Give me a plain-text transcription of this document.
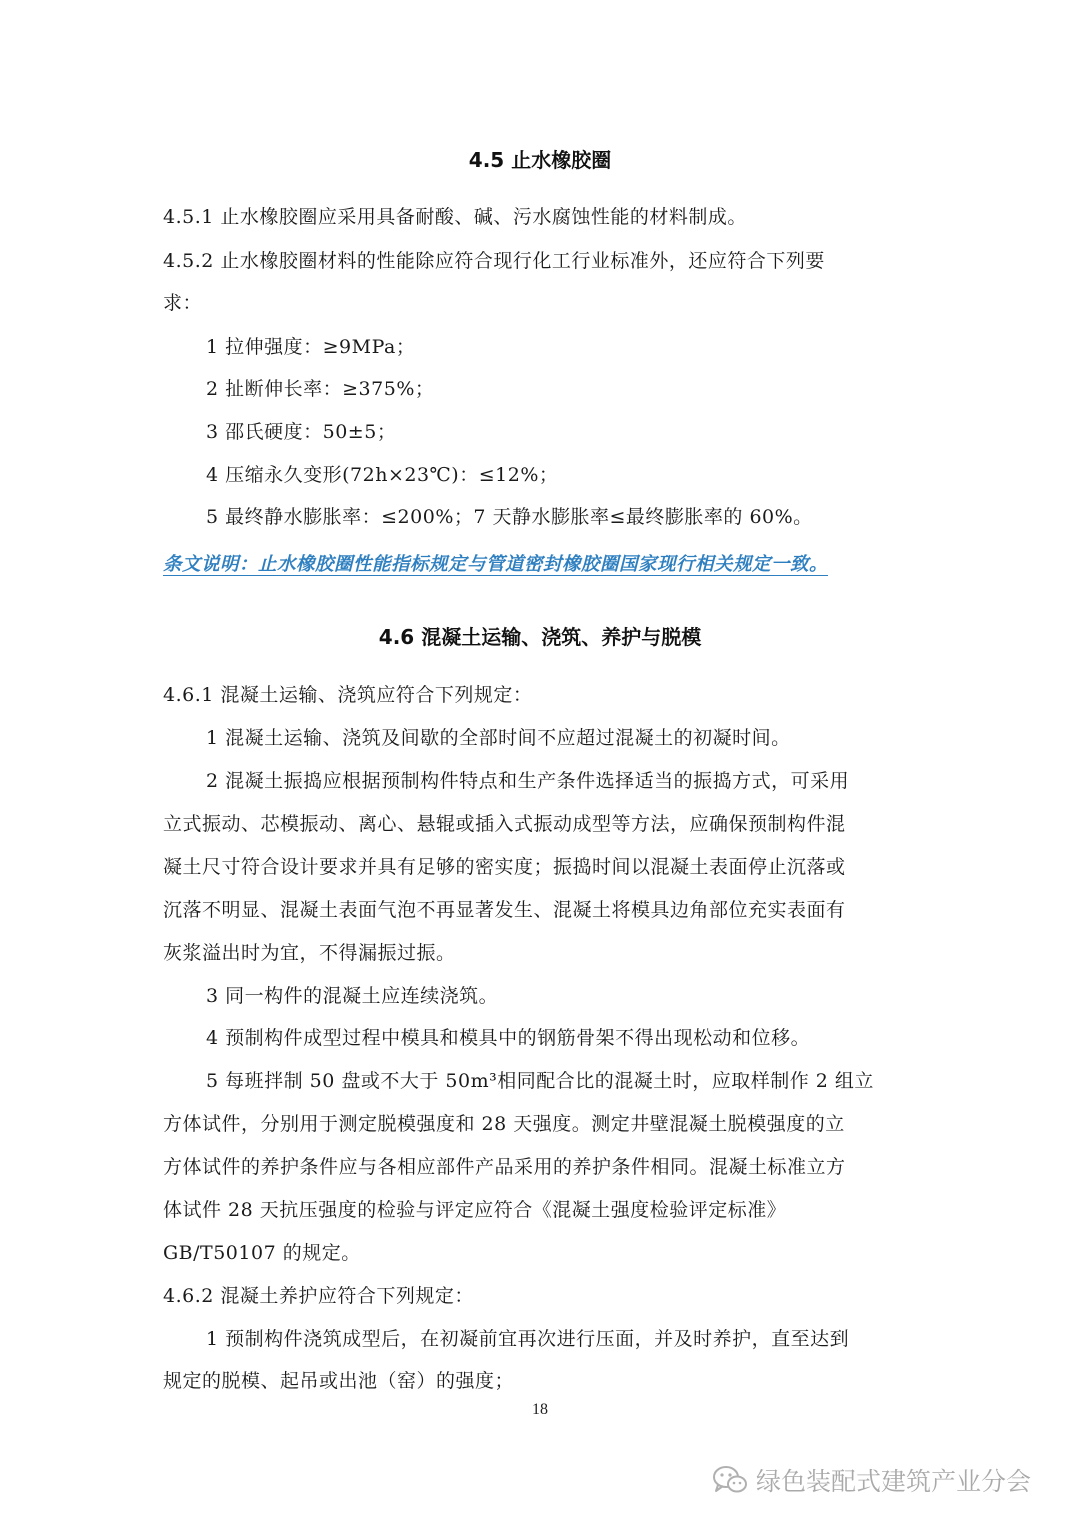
4.5 止水橡胶圈
4.5.1 止水橡胶圈应采用具备耐酸、碱、污水腐蚀性能的材料制成。
4.5.2 止水橡胶圈材料的性能除应符合现行化工行业标准外，还应符合下列要
求：
1 拉伸强度：≥9MPa；
2 扯断伸长率：≥375%；
3 邵氏硬度：50±5；
4 压缩永久变形(72h×23℃)：≤12%；
5 最终静水膨胀率：≤200%；7 天静水膨胀率≤最终膨胀率的 60%。
条文说明：止水橡胶圈性能指标规定与管道密封橡胶圈国家现行相关规定一致。
4.6 混凝土运输、浇筑、养护与脱模
4.6.1 混凝土运输、浇筑应符合下列规定：
1 混凝土运输、浇筑及间歇的全部时间不应超过混凝土的初凝时间。
2 混凝土振捣应根据预制构件特点和生产条件选择适当的振捣方式，可采用
立式振动、芯模振动、离心、悬辊或插入式振动成型等方法，应确保预制构件混
凝土尺寸符合设计要求并具有足够的密实度；振捣时间以混凝土表面停止沉落或
沉落不明显、混凝土表面气泡不再显著发生、混凝土将模具边角部位充实表面有
灰浆溢出时为宜，不得漏振过振。
3 同一构件的混凝土应连续浇筑。
4 预制构件成型过程中模具和模具中的钢筋骨架不得出现松动和位移。
5 每班拌制 50 盘或不大于 50m³相同配合比的混凝土时，应取样制作 2 组立
方体试件，分别用于测定脱模强度和 28 天强度。测定井壁混凝土脱模强度的立
方体试件的养护条件应与各相应部件产品采用的养护条件相同。混凝土标准立方
体试件 28 天抗压强度的检验与评定应符合《混凝土强度检验评定标准》
GB/T50107 的规定。
4.6.2 混凝土养护应符合下列规定：
1 预制构件浇筑成型后，在初凝前宜再次进行压面，并及时养护，直至达到
规定的脱模、起吊或出池（窑）的强度；
18
绿色装配式建筑产业分会
